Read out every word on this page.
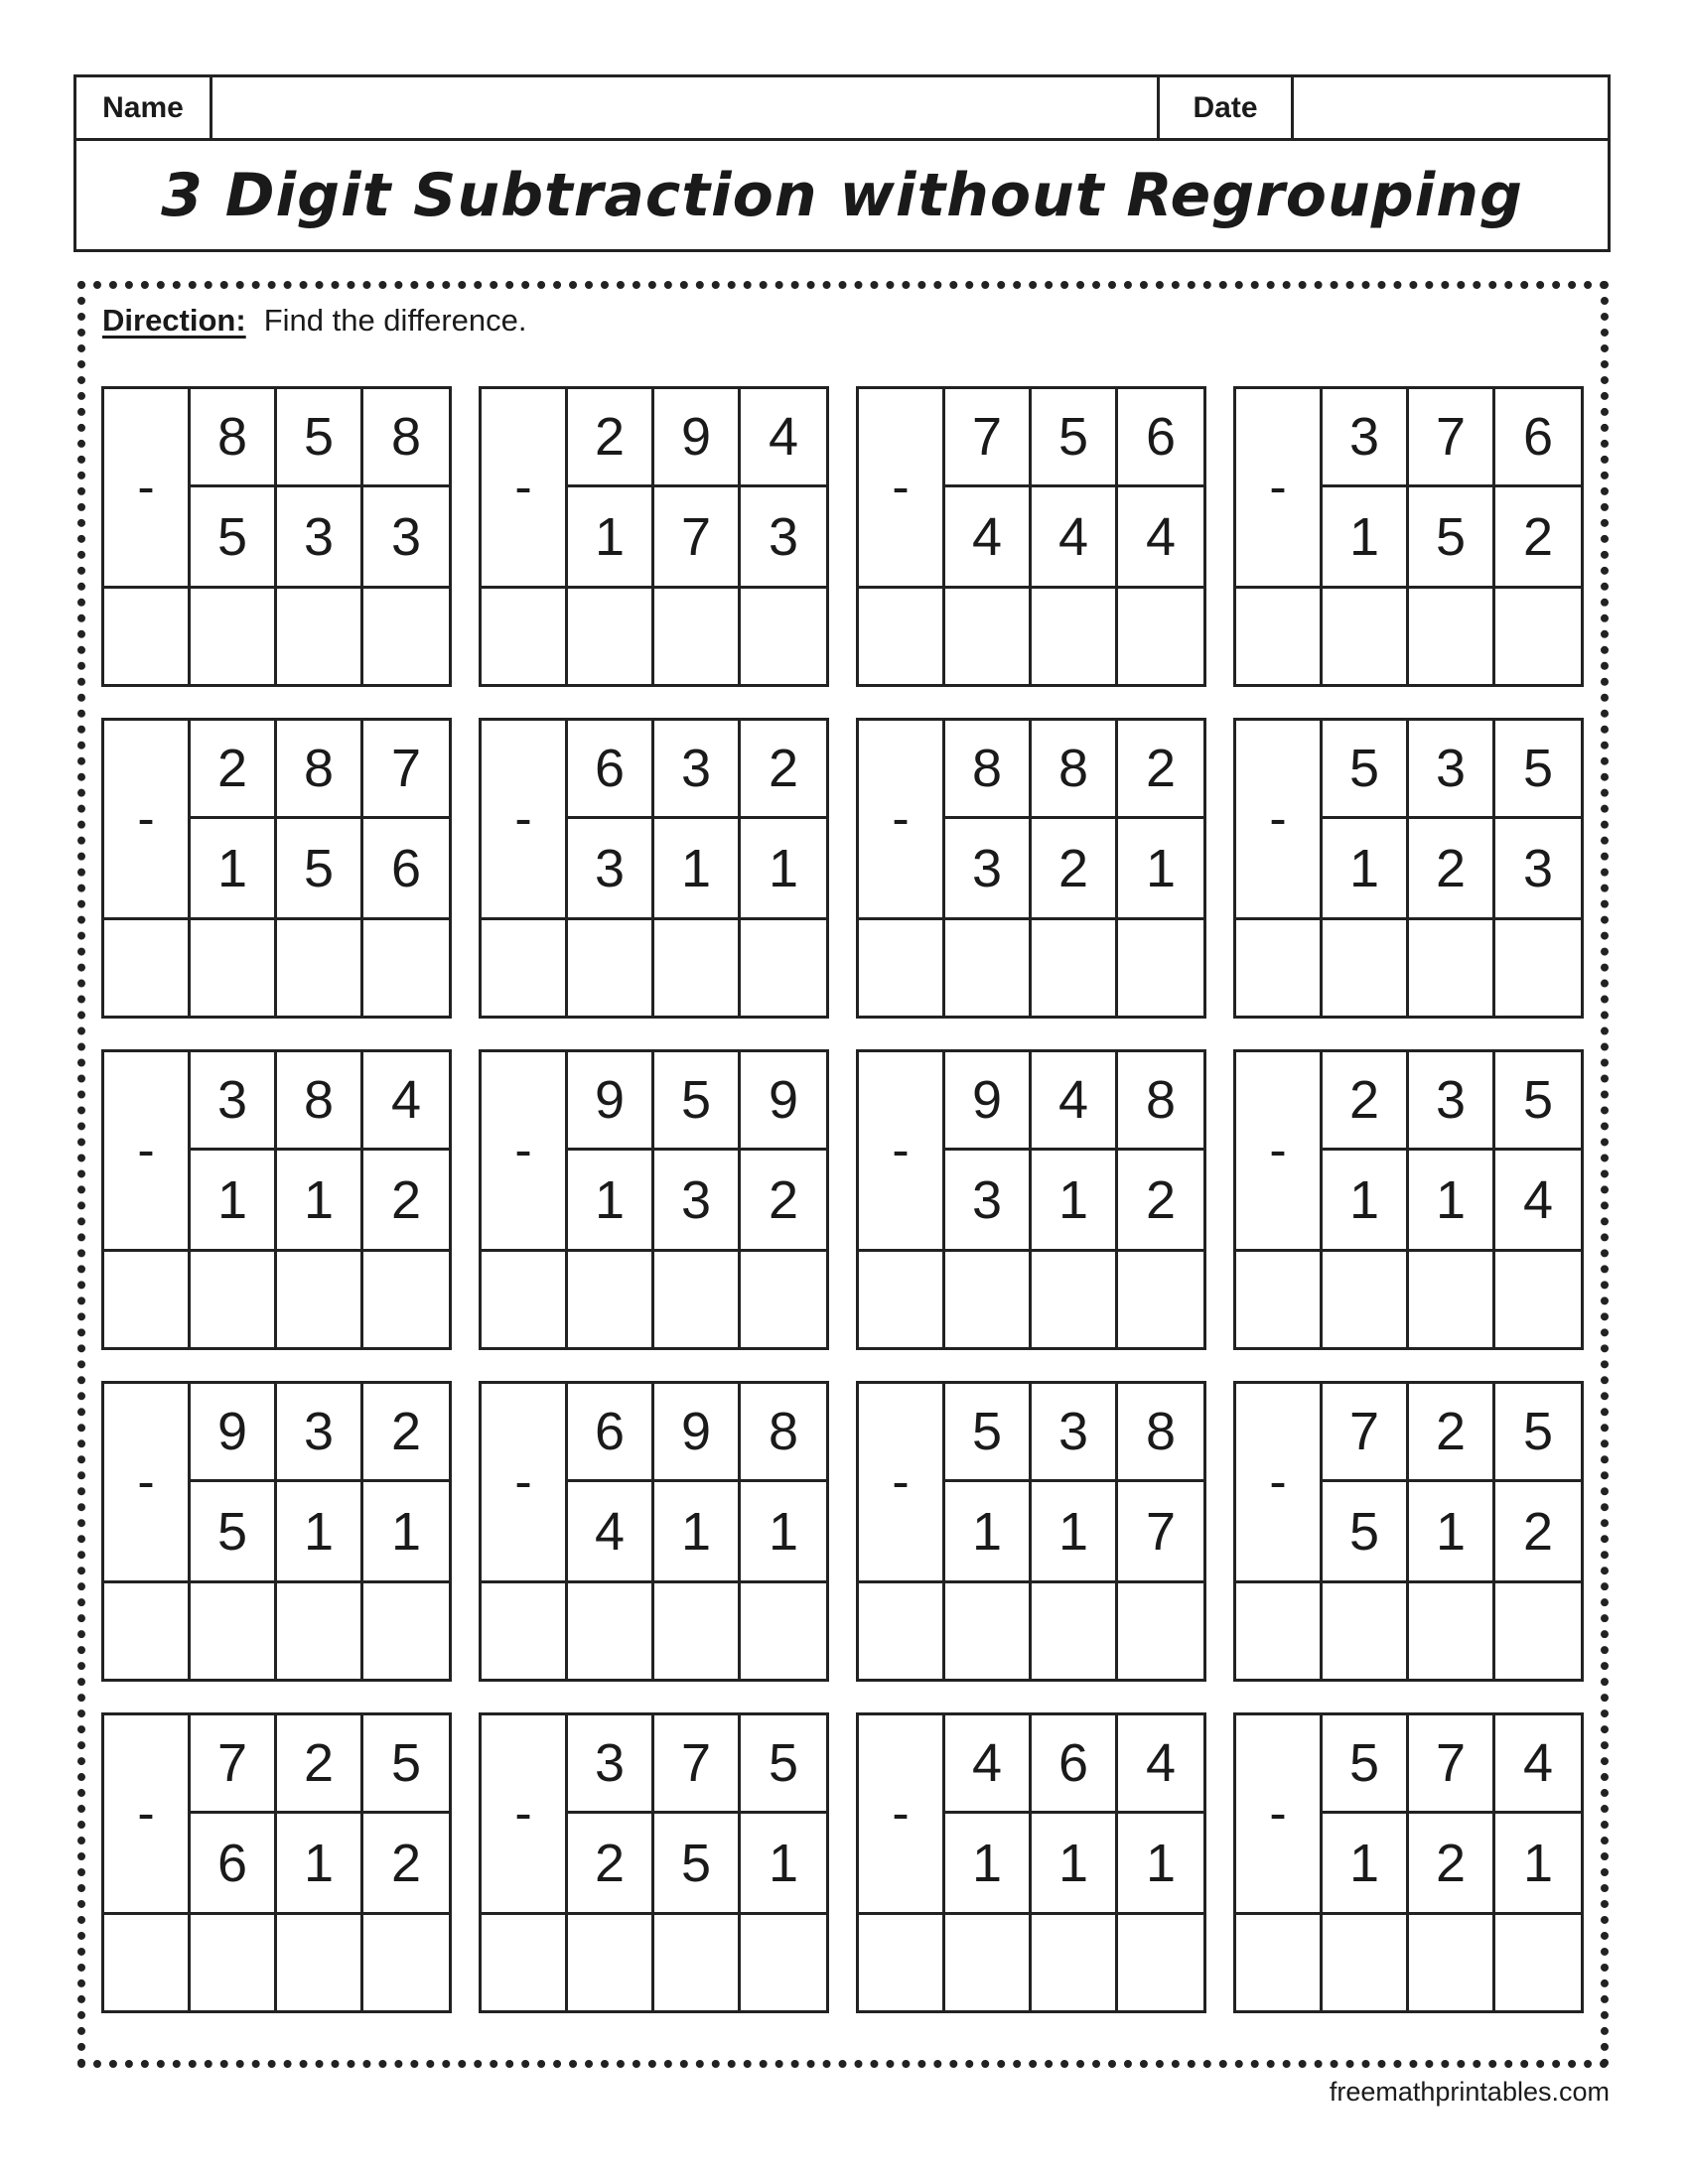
Name	Date
3 Digit Subtraction without Regrouping
Direction: Find the difference.
-
8	5	8
5	3	3
-
2	9	4
1	7	3
-
7	5	6
4	4	4
-
3	7	6
1	5	2
-
2	8	7
1	5	6
-
6	3	2
3	1	1
-
8	8	2
3	2	1
-
5	3	5
1	2	3
-
3	8	4
1	1	2
-
9	5	9
1	3	2
-
9	4	8
3	1	2
-
2	3	5
1	1	4
-
9	3	2
5	1	1
-
6	9	8
4	1	1
-
5	3	8
1	1	7
-
7	2	5
5	1	2
-
7	2	5
6	1	2
-
3	7	5
2	5	1
-
4	6	4
1	1	1
-
5	7	4
1	2	1
freemathprintables.com
